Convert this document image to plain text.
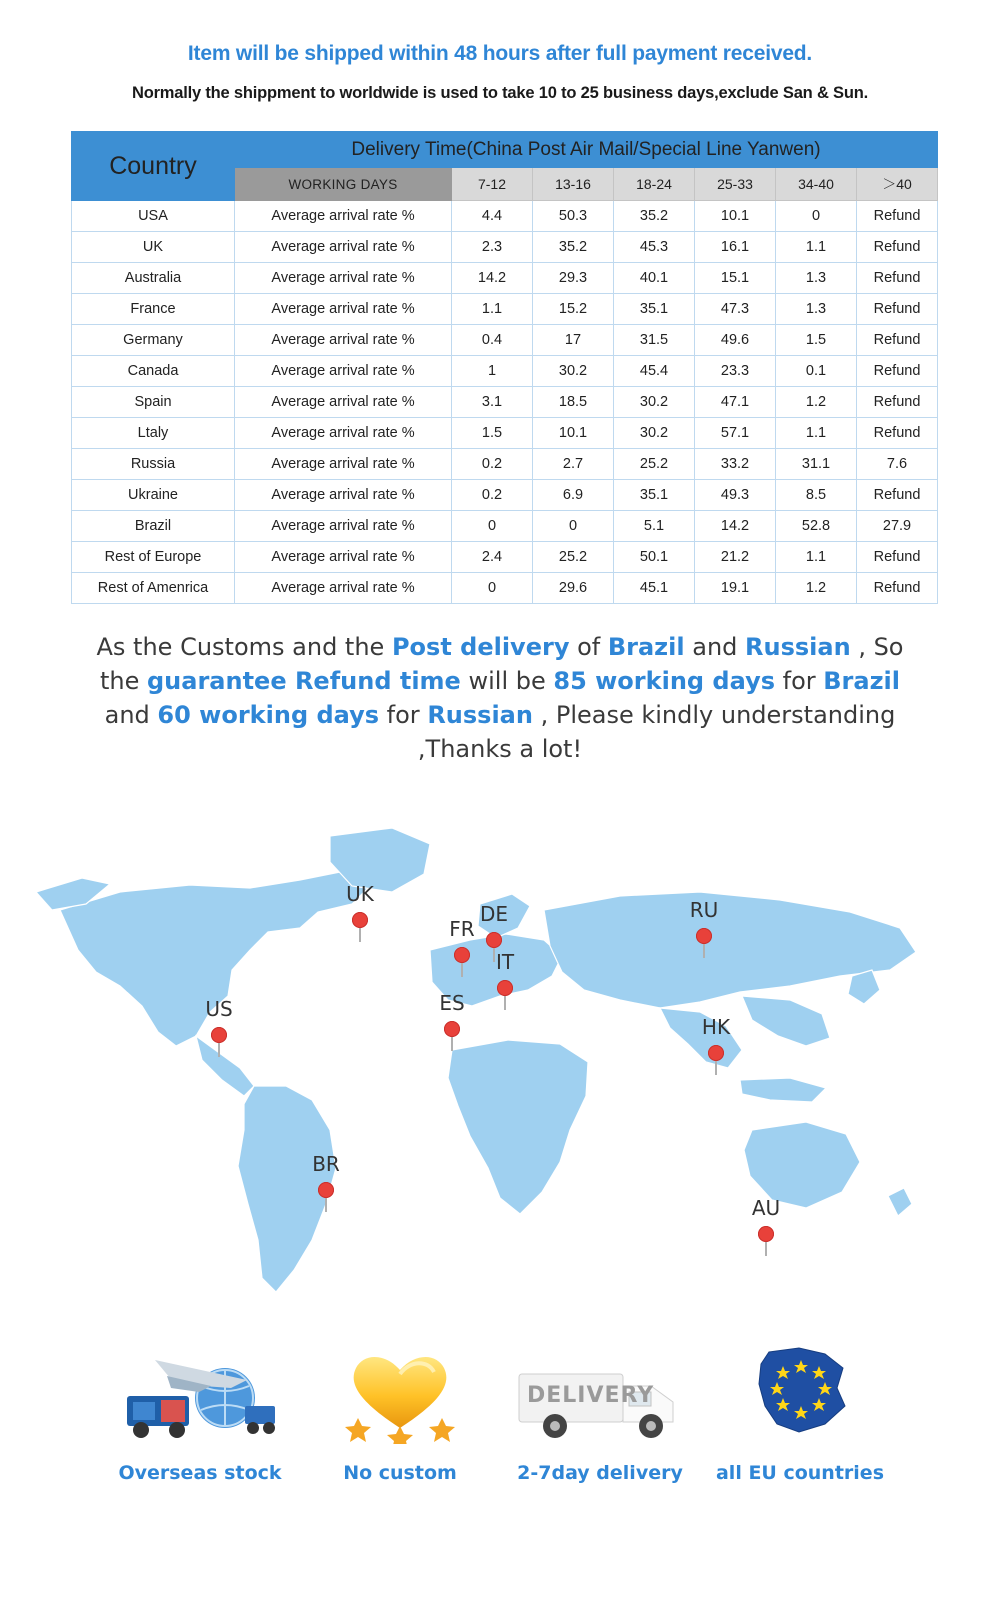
Item will be shipped within 48 hours after full payment received.
Normally the shippment to worldwide is used to take 10 to 25 business days,exclude San & Sun.
Country	Delivery Time(China Post Air Mail/Special Line Yanwen)						
	WORKING DAYS	7-12	13-16	18-24	25-33	34-40	＞40
USA	Average arrival rate %	4.4	50.3	35.2	10.1	0	Refund
UK	Average arrival rate %	2.3	35.2	45.3	16.1	1.1	Refund
Australia	Average arrival rate %	14.2	29.3	40.1	15.1	1.3	Refund
France	Average arrival rate %	1.1	15.2	35.1	47.3	1.3	Refund
Germany	Average arrival rate %	0.4	17	31.5	49.6	1.5	Refund
Canada	Average arrival rate %	1	30.2	45.4	23.3	0.1	Refund
Spain	Average arrival rate %	3.1	18.5	30.2	47.1	1.2	Refund
Ltaly	Average arrival rate %	1.5	10.1	30.2	57.1	1.1	Refund
Russia	Average arrival rate %	0.2	2.7	25.2	33.2	31.1	7.6
Ukraine	Average arrival rate %	0.2	6.9	35.1	49.3	8.5	Refund
Brazil	Average arrival rate %	0	0	5.1	14.2	52.8	27.9
Rest of Europe	Average arrival rate %	2.4	25.2	50.1	21.2	1.1	Refund
Rest of Amenrica	Average arrival rate %	0	29.6	45.1	19.1	1.2	Refund
As the Customs and the Post delivery of Brazil and Russian , So the guarantee Refund time will be 85 working days for Brazil and 60 working days for Russian , Please kindly understanding ,Thanks a lot!
Overseas stock	No custom
DELIVERY
2-7day delivery	all EU countries
UK
DE
FR
IT
ES
RU
US
HK
BR
AU
